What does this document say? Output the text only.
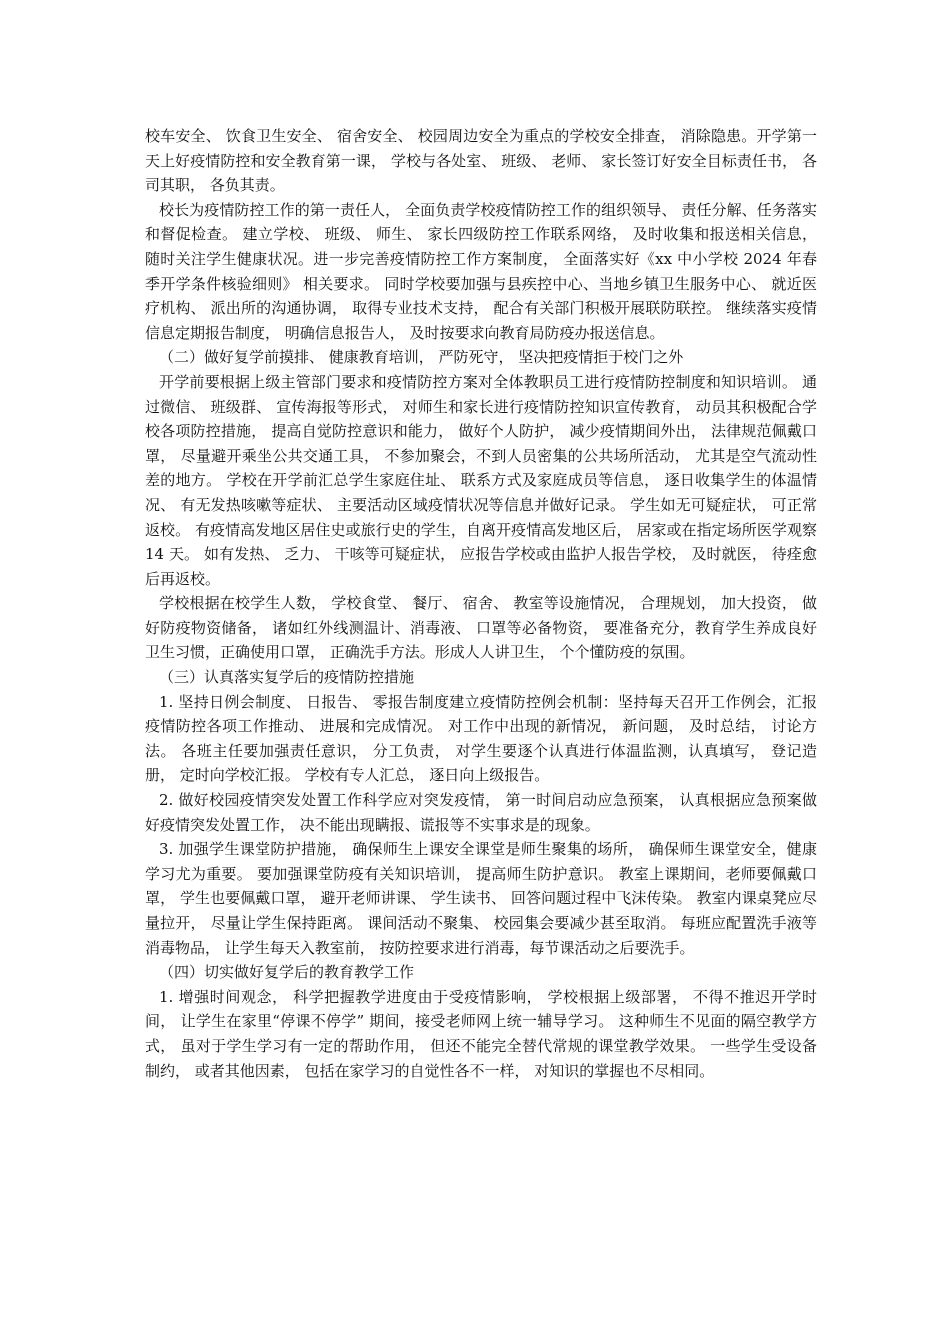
校车安全、 饮食卫生安全、 宿舍安全、 校园周边安全为重点的学校安全排查， 消除隐患。开学第一天上好疫情防控和安全教育第一课， 学校与各处室、 班级、 老师、 家长签订好安全目标责任书， 各司其职， 各负其责。

校长为疫情防控工作的第一责任人， 全面负责学校疫情防控工作的组织领导、 责任分解、任务落实和督促检查。 建立学校、 班级、 师生、 家长四级防控工作联系网络， 及时收集和报送相关信息， 随时关注学生健康状况。进一步完善疫情防控工作方案制度， 全面落实好《xx 中小学校 2024 年春季开学条件核验细则》 相关要求。 同时学校要加强与县疾控中心、当地乡镇卫生服务中心、 就近医疗机构、 派出所的沟通协调， 取得专业技术支持， 配合有关部门积极开展联防联控。 继续落实疫情信息定期报告制度， 明确信息报告人， 及时按要求向教育局防疫办报送信息。

（二）做好复学前摸排、 健康教育培训， 严防死守， 坚决把疫情拒于校门之外

开学前要根据上级主管部门要求和疫情防控方案对全体教职员工进行疫情防控制度和知识培训。 通过微信、 班级群、 宣传海报等形式， 对师生和家长进行疫情防控知识宣传教育， 动员其积极配合学校各项防控措施， 提高自觉防控意识和能力， 做好个人防护， 减少疫情期间外出， 法律规范佩戴口罩， 尽量避开乘坐公共交通工具， 不参加聚会，不到人员密集的公共场所活动， 尤其是空气流动性差的地方。 学校在开学前汇总学生家庭住址、 联系方式及家庭成员等信息， 逐日收集学生的体温情况、 有无发热咳嗽等症状、 主要活动区域疫情状况等信息并做好记录。 学生如无可疑症状， 可正常返校。 有疫情高发地区居住史或旅行史的学生，自离开疫情高发地区后， 居家或在指定场所医学观察 14 天。 如有发热、 乏力、 干咳等可疑症状， 应报告学校或由监护人报告学校， 及时就医， 待痊愈后再返校。

学校根据在校学生人数， 学校食堂、 餐厅、 宿舍、 教室等设施情况， 合理规划， 加大投资， 做好防疫物资储备， 诸如红外线测温计、消毒液、 口罩等必备物资， 要准备充分，教育学生养成良好卫生习惯，正确使用口罩， 正确洗手方法。形成人人讲卫生， 个个懂防疫的氛围。

（三）认真落实复学后的疫情防控措施

1. 坚持日例会制度、 日报告、 零报告制度建立疫情防控例会机制：坚持每天召开工作例会，汇报疫情防控各项工作推动、 进展和完成情况。 对工作中出现的新情况， 新问题， 及时总结， 讨论方法。 各班主任要加强责任意识， 分工负责， 对学生要逐个认真进行体温监测，认真填写， 登记造册， 定时向学校汇报。 学校有专人汇总， 逐日向上级报告。

2. 做好校园疫情突发处置工作科学应对突发疫情， 第一时间启动应急预案， 认真根据应急预案做好疫情突发处置工作， 决不能出现瞒报、谎报等不实事求是的现象。

3. 加强学生课堂防护措施， 确保师生上课安全课堂是师生聚集的场所， 确保师生课堂安全，健康学习尤为重要。 要加强课堂防疫有关知识培训， 提高师生防护意识。 教室上课期间，老师要佩戴口罩， 学生也要佩戴口罩， 避开老师讲课、 学生读书、 回答问题过程中飞沫传染。 教室内课桌凳应尽量拉开， 尽量让学生保持距离。 课间活动不聚集、 校园集会要减少甚至取消。 每班应配置洗手液等消毒物品， 让学生每天入教室前， 按防控要求进行消毒，每节课活动之后要洗手。

（四）切实做好复学后的教育教学工作

1. 增强时间观念， 科学把握教学进度由于受疫情影响， 学校根据上级部署， 不得不推迟开学时间， 让学生在家里“停课不停学” 期间，接受老师网上统一辅导学习。 这种师生不见面的隔空教学方式， 虽对于学生学习有一定的帮助作用， 但还不能完全替代常规的课堂教学效果。 一些学生受设备制约， 或者其他因素， 包括在家学习的自觉性各不一样， 对知识的掌握也不尽相同。
